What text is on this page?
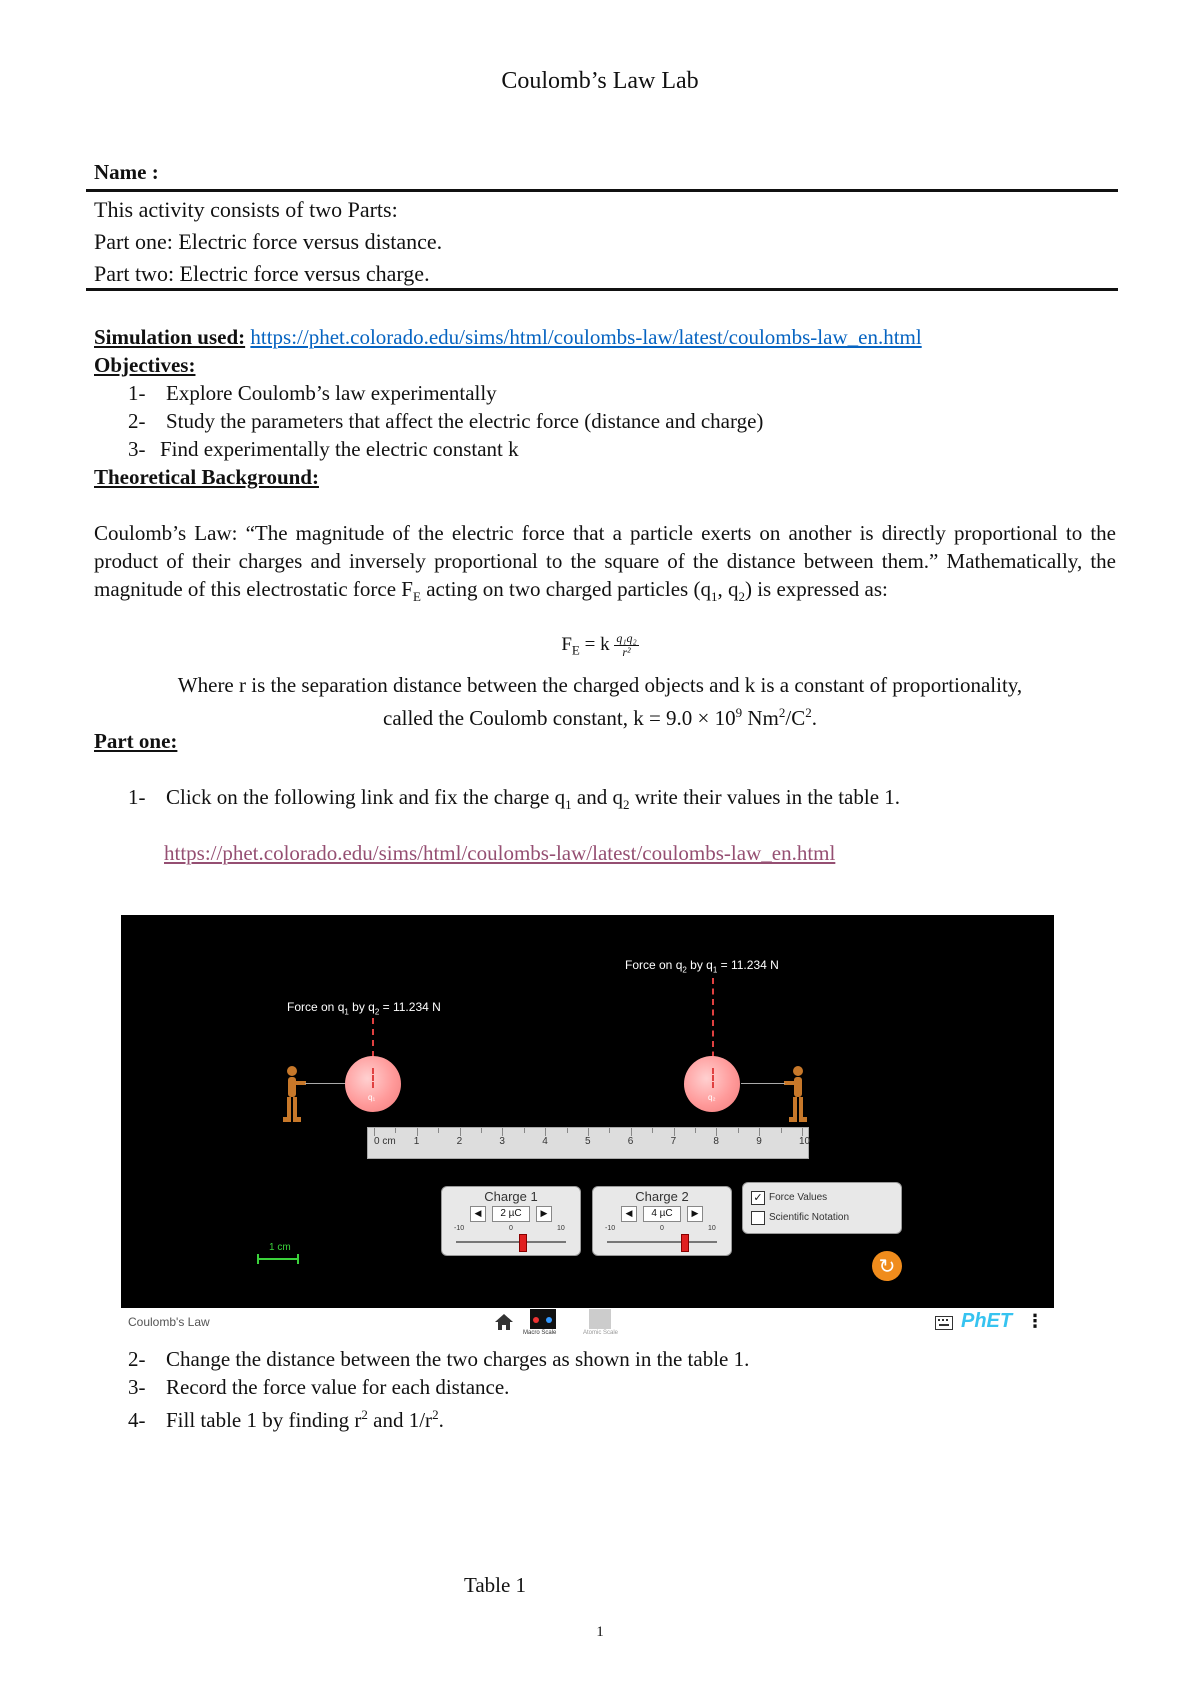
Coulomb’s Law Lab
Name :
This activity consists of two Parts:
Part one: Electric force versus distance.
Part two: Electric force versus charge.
Simulation used: https://phet.colorado.edu/sims/html/coulombs-law/latest/coulombs-law_en.html
Objectives:
1- Explore Coulomb’s law experimentally
2- Study the parameters that affect the electric force (distance and charge)
3- Find experimentally the electric constant k
Theoretical Background:
Coulomb’s Law: “The magnitude of the electric force that a particle exerts on another is directly proportional to the product of their charges and inversely proportional to the square of the distance between them.” Mathematically, the magnitude of this electrostatic force $F_E$ acting on two charged particles ($q_1$, $q_2$) is expressed as:
$F_E = k \frac{\text{q₁q₂}}{\text{r²}}$
Where r is the separation distance between the charged objects and k is a constant of proportionality,
called the Coulomb constant, $k = 9.0 \times 10^9$ $Nm^2/C^2$.
Part one:
1- Click on the following link and fix the charge $q_1$ and $q_2$ write their values in the table 1.
https://phet.colorado.edu/sims/html/coulombs-law/latest/coulombs-law_en.html
Force on $q_1$ by $q_2 = 11.234$ N
Force on $q_2$ by $q_1 = 11.234$ N
q₁	q₂
0 cm 1	2	3	4	5	6	7	8	9	10
Charge 1
◀	2 µC	▶
-10	0	10
Charge 2
◀	4 µC	▶
-10	0	10
✓ Force Values
Scientific Notation
1 cm
↻
Coulomb's Law
Macro Scale	Atomic Scale
PhET ⋮
2- Change the distance between the two charges as shown in the table 1.
3- Record the force value for each distance.
4- Fill table 1 by finding $r^2$ and $1/r^2$.
Table 1
1
